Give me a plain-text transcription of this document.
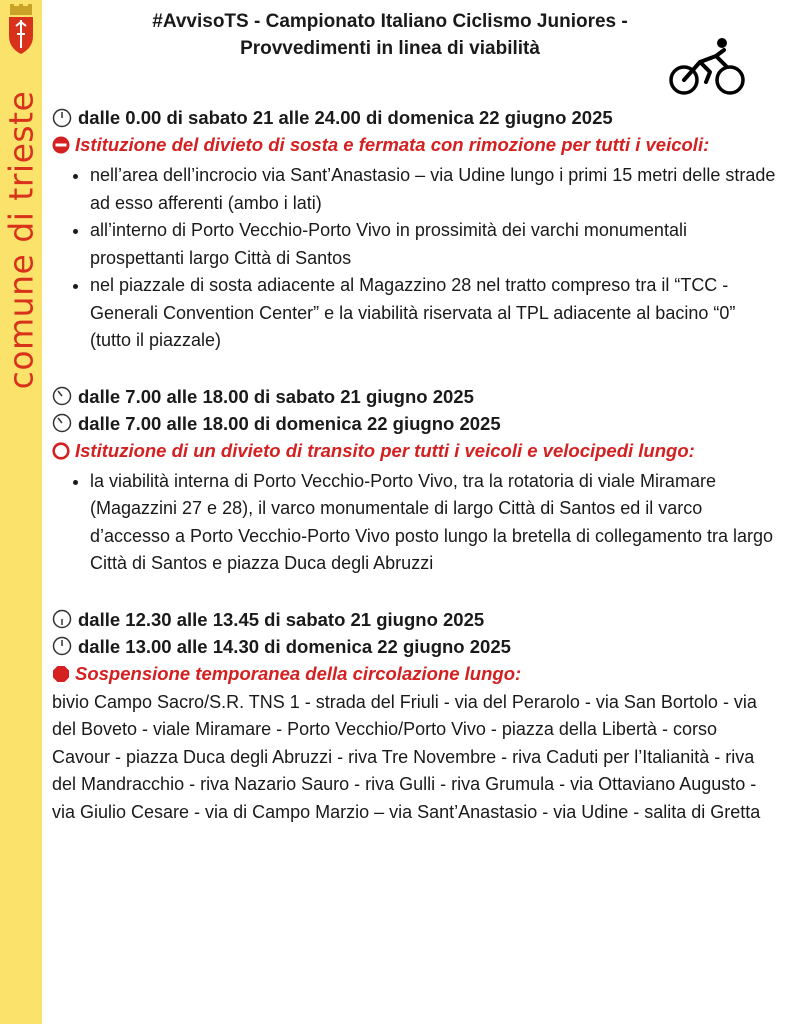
comune di trieste
#AvvisoTS - Campionato Italiano Ciclismo Juniores - Provvedimenti in linea di viabilità
dalle 0.00 di sabato 21 alle 24.00 di domenica 22 giugno 2025
Istituzione del divieto di sosta e fermata con rimozione per tutti i veicoli:
• nell’area dell’incrocio via Sant’Anastasio – via Udine lungo i primi 15 metri delle strade ad esso afferenti (ambo i lati)
• all’interno di Porto Vecchio-Porto Vivo in prossimità dei varchi monumentali prospettanti largo Città di Santos
• nel piazzale di sosta adiacente al Magazzino 28 nel tratto compreso tra il “TCC - Generali Convention Center” e la viabilità riservata al TPL adiacente al bacino “0” (tutto il piazzale)
dalle 7.00 alle 18.00 di sabato 21 giugno 2025
dalle 7.00 alle 18.00 di domenica 22 giugno 2025
Istituzione di un divieto di transito per tutti i veicoli e velocipedi lungo:
• la viabilità interna di Porto Vecchio-Porto Vivo, tra la rotatoria di viale Miramare (Magazzini 27 e 28), il varco monumentale di largo Città di Santos ed il varco d’accesso a Porto Vecchio-Porto Vivo posto lungo la bretella di collegamento tra largo Città di Santos e piazza Duca degli Abruzzi
dalle 12.30 alle 13.45 di sabato 21 giugno 2025
dalle 13.00 alle 14.30 di domenica 22 giugno 2025
Sospensione temporanea della circolazione lungo:
bivio Campo Sacro/S.R. TNS 1 - strada del Friuli - via del Perarolo - via San Bortolo - via del Boveto - viale Miramare - Porto Vecchio/Porto Vivo - piazza della Libertà - corso Cavour - piazza Duca degli Abruzzi - riva Tre Novembre - riva Caduti per l’Italianità - riva del Mandracchio - riva Nazario Sauro - riva Gulli - riva Grumula - via Ottaviano Augusto - via Giulio Cesare - via di Campo Marzio – via Sant’Anastasio - via Udine - salita di Gretta
